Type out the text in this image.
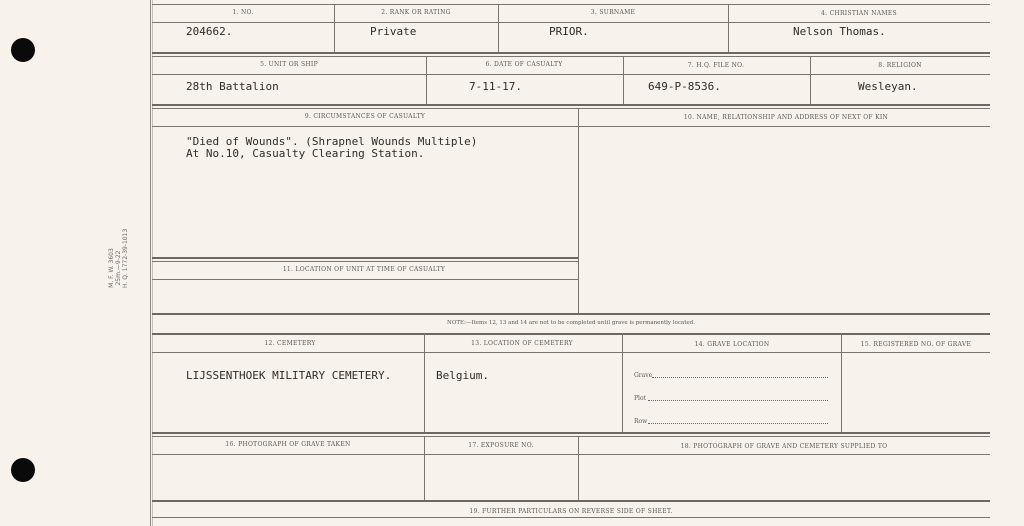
M. F. W. 3603 25m.—9-22 H. Q. 1772-39-1013
1. NO.	2. RANK OR RATING	3. SURNAME	4. CHRISTIAN NAMES
204662.	Private	PRIOR.	Nelson Thomas.
5. UNIT OR SHIP	6. DATE OF CASUALTY	7. H.Q. FILE NO.	8. RELIGION
28th Battalion	7-11-17.	649-P-8536.	Wesleyan.
9. CIRCUMSTANCES OF CASUALTY	10. NAME, RELATIONSHIP AND ADDRESS OF NEXT OF KIN
"Died of Wounds". (Shrapnel Wounds Multiple)
At No.10, Casualty Clearing Station.
11. LOCATION OF UNIT AT TIME OF CASUALTY
NOTE:—Items 12, 13 and 14 are not to be completed until grave is permanently located.
12. CEMETERY	13. LOCATION OF CEMETERY	14. GRAVE LOCATION	15. REGISTERED NO. OF GRAVE
LIJSSENTHOEK MILITARY CEMETERY.	Belgium.	Grave
Plot
Row
16. PHOTOGRAPH OF GRAVE TAKEN	17. EXPOSURE NO.	18. PHOTOGRAPH OF GRAVE AND CEMETERY SUPPLIED TO
19. FURTHER PARTICULARS ON REVERSE SIDE OF SHEET.
